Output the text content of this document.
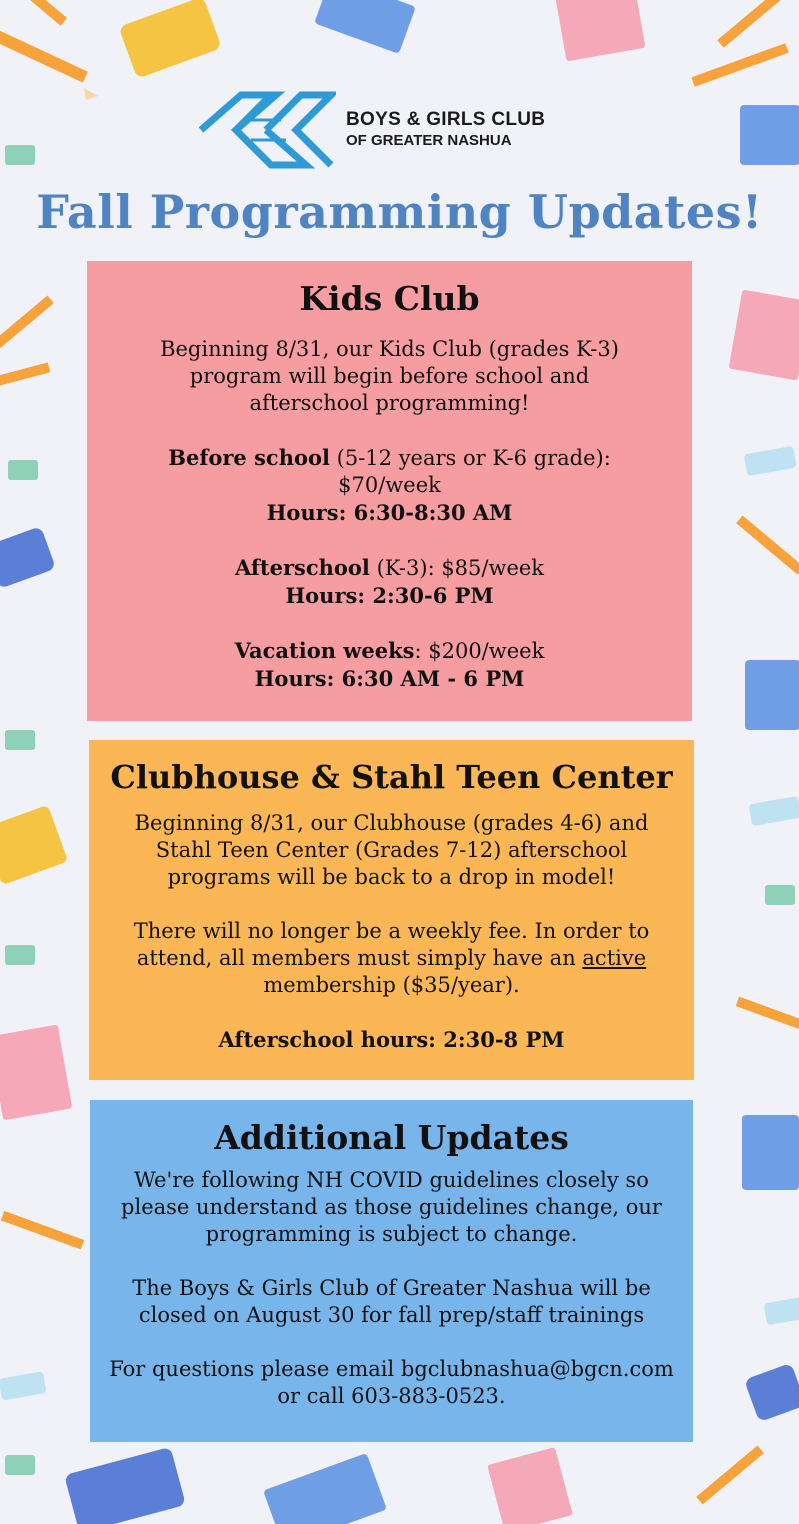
BOYS & GIRLS CLUB
OF GREATER NASHUA
Fall Programming Updates!
Kids Club

Beginning 8/31, our Kids Club (grades K-3) program will begin before school and afterschool programming!

Before school (5-12 years or K-6 grade): $70/week
Hours: 6:30-8:30 AM

Afterschool (K-3): $85/week
Hours: 2:30-6 PM

Vacation weeks: $200/week
Hours: 6:30 AM - 6 PM

Clubhouse & Stahl Teen Center

Beginning 8/31, our Clubhouse (grades 4-6) and Stahl Teen Center (Grades 7-12) afterschool programs will be back to a drop in model!

There will no longer be a weekly fee. In order to attend, all members must simply have an active membership ($35/year).

Afterschool hours: 2:30-8 PM

Additional Updates

We're following NH COVID guidelines closely so please understand as those guidelines change, our programming is subject to change.

The Boys & Girls Club of Greater Nashua will be closed on August 30 for fall prep/staff trainings

For questions please email bgclubnashua@bgcn.com or call 603-883-0523.
